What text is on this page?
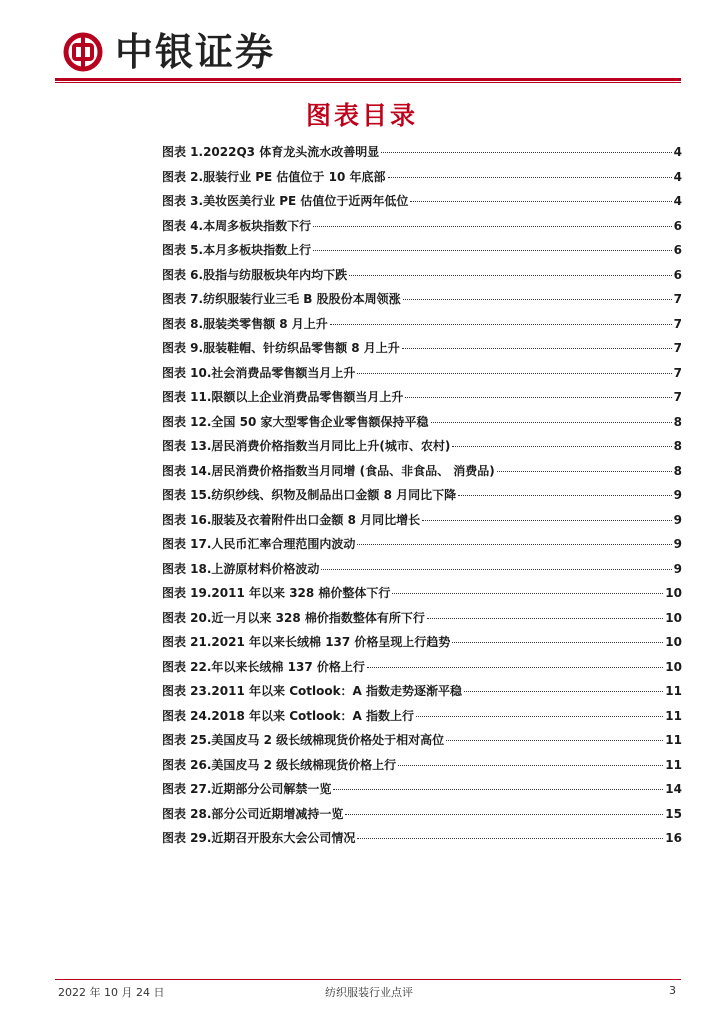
中银证券
图表目录
图表 1.2022Q3 体育龙头流水改善明显	4
图表 2.服装行业 PE 估值位于 10 年底部	4
图表 3.美妆医美行业 PE 估值位于近两年低位	4
图表 4.本周多板块指数下行	6
图表 5.本月多板块指数上行	6
图表 6.股指与纺服板块年内均下跌	6
图表 7.纺织服装行业三毛 B 股股份本周领涨	7
图表 8.服装类零售额 8 月上升	7
图表 9.服装鞋帽、针纺织品零售额 8 月上升	7
图表 10.社会消费品零售额当月上升	7
图表 11.限额以上企业消费品零售额当月上升	7
图表 12.全国 50 家大型零售企业零售额保持平稳	8
图表 13.居民消费价格指数当月同比上升(城市、农村)	8
图表 14.居民消费价格指数当月同增 (食品、非食品、 消费品)	8
图表 15.纺织纱线、织物及制品出口金额 8 月同比下降	9
图表 16.服装及衣着附件出口金额 8 月同比增长	9
图表 17.人民币汇率合理范围内波动	9
图表 18.上游原材料价格波动	9
图表 19.2011 年以来 328 棉价整体下行	10
图表 20.近一月以来 328 棉价指数整体有所下行	10
图表 21.2021 年以来长绒棉 137 价格呈现上行趋势	10
图表 22.年以来长绒棉 137 价格上行	10
图表 23.2011 年以来 Cotlook：A 指数走势逐渐平稳	11
图表 24.2018 年以来 Cotlook：A 指数上行	11
图表 25.美国皮马 2 级长绒棉现货价格处于相对高位	11
图表 26.美国皮马 2 级长绒棉现货价格上行	11
图表 27.近期部分公司解禁一览	14
图表 28.部分公司近期增减持一览	15
图表 29.近期召开股东大会公司情况	16
2022 年 10 月 24 日	纺织服装行业点评	3
